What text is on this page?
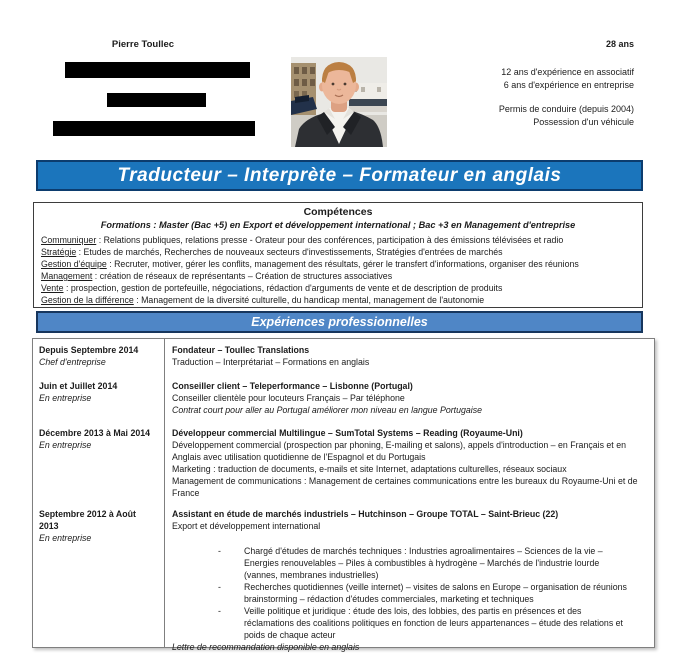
Pierre Toullec	28 ans
12 ans d'expérience en associatif
6 ans d'expérience en entreprise
Permis de conduire (depuis 2004)
Possession d'un véhicule
Traducteur – Interprète – Formateur en anglais
Compétences
Formations : Master (Bac +5) en Export et développement international ; Bac +3 en Management d'entreprise
Communiquer : Relations publiques, relations presse - Orateur pour des conférences, participation à des émissions télévisées et radio
Stratégie : Etudes de marchés, Recherches de nouveaux secteurs d'investissements, Stratégies d'entrées de marchés
Gestion d'équipe : Recruter, motiver, gérer les conflits, management des résultats, gérer le transfert d'informations, organiser des réunions
Management : création de réseaux de représentants – Création de structures associatives
Vente : prospection, gestion de portefeuille, négociations, rédaction d'arguments de vente et de description de produits
Gestion de la différence : Management de la diversité culturelle, du handicap mental, management de l'autonomie
Expériences professionnelles
Depuis Septembre 2014
Chef d'entreprise
Fondateur – Toullec Translations
Traduction – Interprétariat – Formations en anglais
Juin et Juillet 2014
En entreprise
Conseiller client – Teleperformance – Lisbonne (Portugal)
Conseiller clientèle pour locuteurs Français – Par téléphone
Contrat court pour aller au Portugal améliorer mon niveau en langue Portugaise
Décembre 2013 à Mai 2014
En entreprise
Développeur commercial Multilingue – SumTotal Systems – Reading (Royaume-Uni)
Développement commercial (prospection par phoning, E-mailing et salons), appels d'introduction – en Français et en Anglais avec utilisation quotidienne de l'Espagnol et du Portugais
Marketing : traduction de documents, e-mails et site Internet, adaptations culturelles, réseaux sociaux
Management de communications : Management de certaines communications entre les bureaux du Royaume-Uni et de France
Septembre 2012 à Août 2013
En entreprise
Assistant en étude de marchés industriels – Hutchinson – Groupe TOTAL – Saint-Brieuc (22)
Export et développement international
-
Chargé d'études de marchés techniques : Industries agroalimentaires – Sciences de la vie – Energies renouvelables – Piles à combustibles à hydrogène – Marchés de l'industrie lourde (vannes, membranes industrielles)
-
Recherches quotidiennes (veille internet) – visites de salons en Europe – organisation de réunions brainstorming – rédaction d'études commerciales, marketing et techniques
-
Veille politique et juridique : étude des lois, des lobbies, des partis en présences et des réclamations des coalitions politiques en fonction de leurs appartenances – étude des relations et poids de chaque acteur
Lettre de recommandation disponible en anglais
